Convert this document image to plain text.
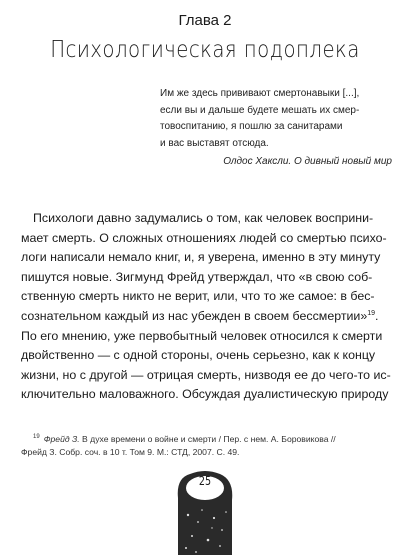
Глава 2
Психологическая подоплека
Им же здесь прививают смертонавыки [...],
если вы и дальше будете мешать их смер-
товоспитанию, я пошлю за санитарами
и вас выставят отсюда.
Олдос Хаксли. О дивный новый мир
Психологи давно задумались о том, как человек восприни-
мает смерть. О сложных отношениях людей со смертью психо-
логи написали немало книг, и, я уверена, именно в эту минуту
пишутся новые. Зигмунд Фрейд утверждал, что «в свою соб-
ственную смерть никто не верит, или, что то же самое: в бес-
сознательном каждый из нас убежден в своем бессмертии»$^{19}$.
По его мнению, уже первобытный человек относился к смерти
двойственно — с одной стороны, очень серьезно, как к концу
жизни, но с другой — отрицая смерть, низводя ее до чего-то ис-
ключительно маловажного. Обсуждая дуалистическую природу
$^{19}$ Фрейд З. В духе времени о войне и смерти / Пер. с нем. А. Боровикова //
Фрейд З. Собр. соч. в 10 т. Том 9. М.: СТД, 2007. С. 49.
25
